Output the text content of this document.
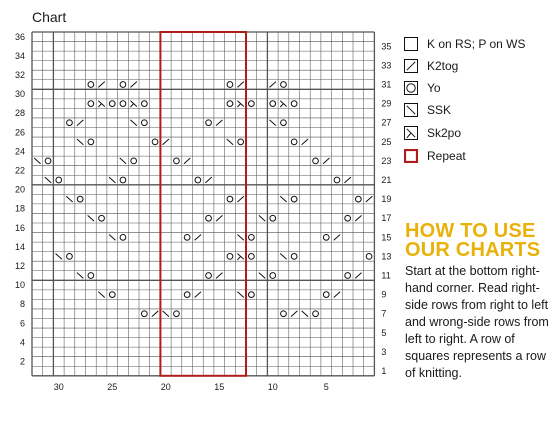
Chart
2
4
6
8
10
12
14
16
18
20
22
24
26
28
30
32
34
36
1
3
5
7
9
11
13
15
17
19
21
23
25
27
29
31
33
35
30	25	20	15	10	5
K on RS; P on WS
K2tog
Yo
SSK
Sk2po
Repeat
HOW TO USE
OUR CHARTS
Start at the bottom right-hand corner. Read right-side rows from right to left and wrong-side rows from left to right. A row of squares represents a row of knitting.
